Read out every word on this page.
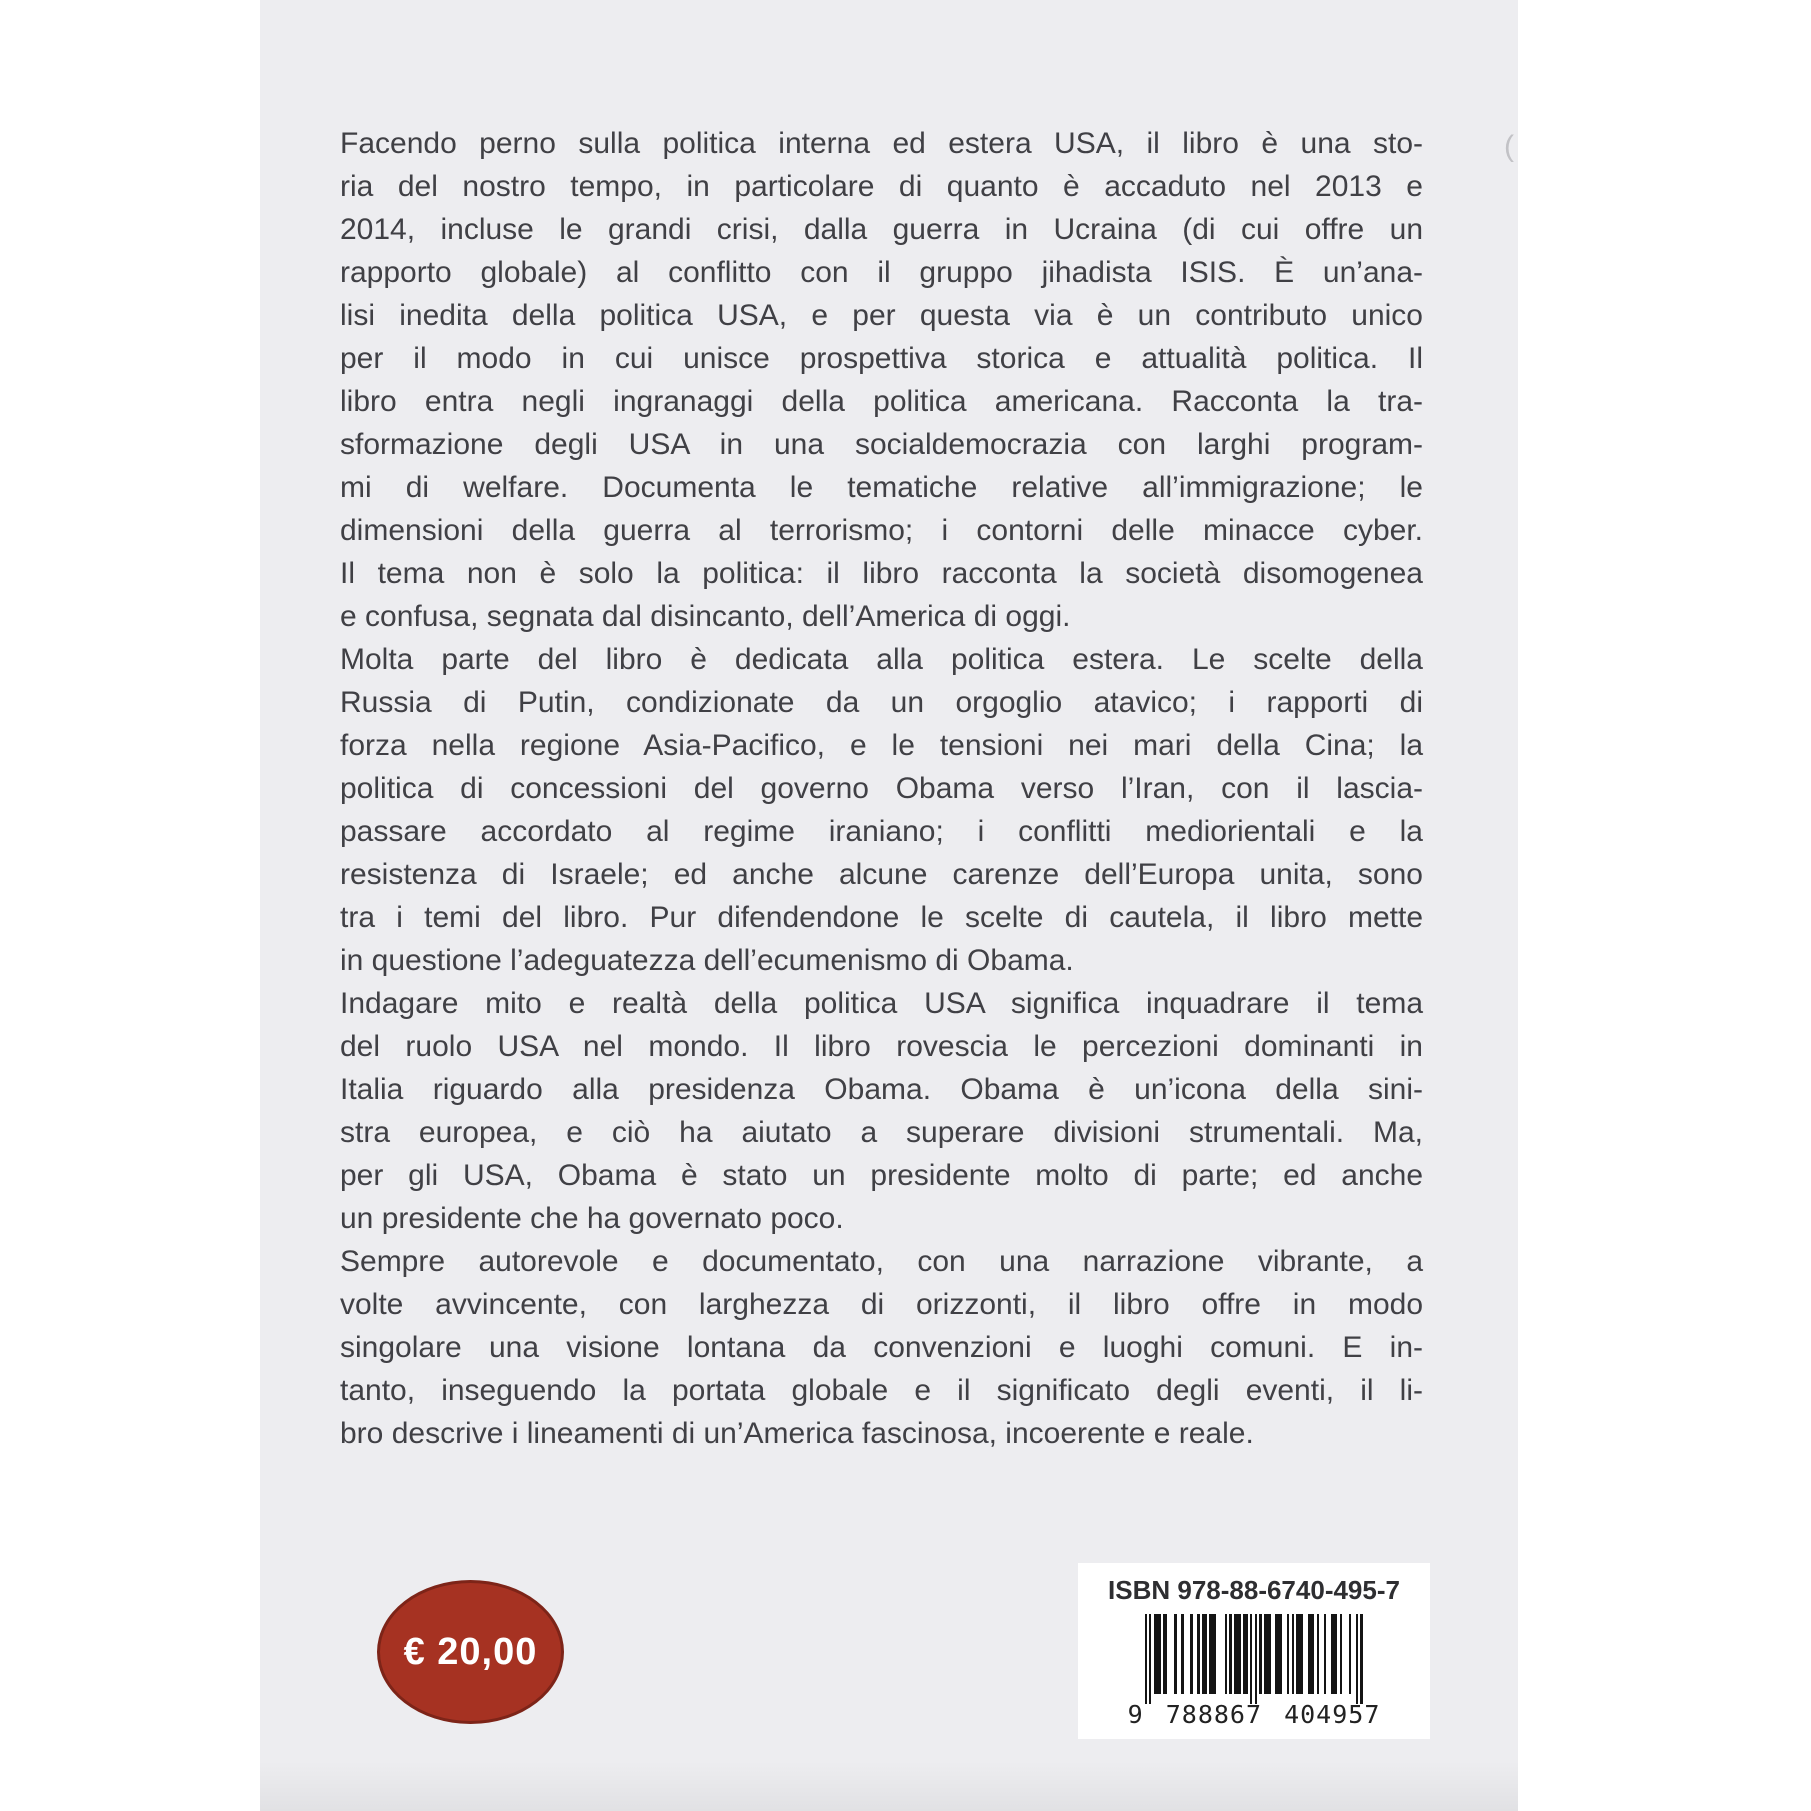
Facendo perno sulla politica interna ed estera USA, il libro è una sto-
ria del nostro tempo, in particolare di quanto è accaduto nel 2013 e
2014, incluse le grandi crisi, dalla guerra in Ucraina (di cui offre un
rapporto globale) al conflitto con il gruppo jihadista ISIS. È un’ana-
lisi inedita della politica USA, e per questa via è un contributo unico
per il modo in cui unisce prospettiva storica e attualità politica. Il
libro entra negli ingranaggi della politica americana. Racconta la tra-
sformazione degli USA in una socialdemocrazia con larghi program-
mi di welfare. Documenta le tematiche relative all’immigrazione; le
dimensioni della guerra al terrorismo; i contorni delle minacce cyber.
Il tema non è solo la politica: il libro racconta la società disomogenea
e confusa, segnata dal disincanto, dell’America di oggi.
Molta parte del libro è dedicata alla politica estera. Le scelte della
Russia di Putin, condizionate da un orgoglio atavico; i rapporti di
forza nella regione Asia-Pacifico, e le tensioni nei mari della Cina; la
politica di concessioni del governo Obama verso l’Iran, con il lascia-
passare accordato al regime iraniano; i conflitti mediorientali e la
resistenza di Israele; ed anche alcune carenze dell’Europa unita, sono
tra i temi del libro. Pur difendendone le scelte di cautela, il libro mette
in questione l’adeguatezza dell’ecumenismo di Obama.
Indagare mito e realtà della politica USA significa inquadrare il tema
del ruolo USA nel mondo. Il libro rovescia le percezioni dominanti in
Italia riguardo alla presidenza Obama. Obama è un’icona della sini-
stra europea, e ciò ha aiutato a superare divisioni strumentali. Ma,
per gli USA, Obama è stato un presidente molto di parte; ed anche
un presidente che ha governato poco.
Sempre autorevole e documentato, con una narrazione vibrante, a
volte avvincente, con larghezza di orizzonti, il libro offre in modo
singolare una visione lontana da convenzioni e luoghi comuni. E in-
tanto, inseguendo la portata globale e il significato degli eventi, il li-
bro descrive i lineamenti di un’America fascinosa, incoerente e reale.
(
€ 20,00
ISBN 978-88-6740-495-7
9 788867 404957
